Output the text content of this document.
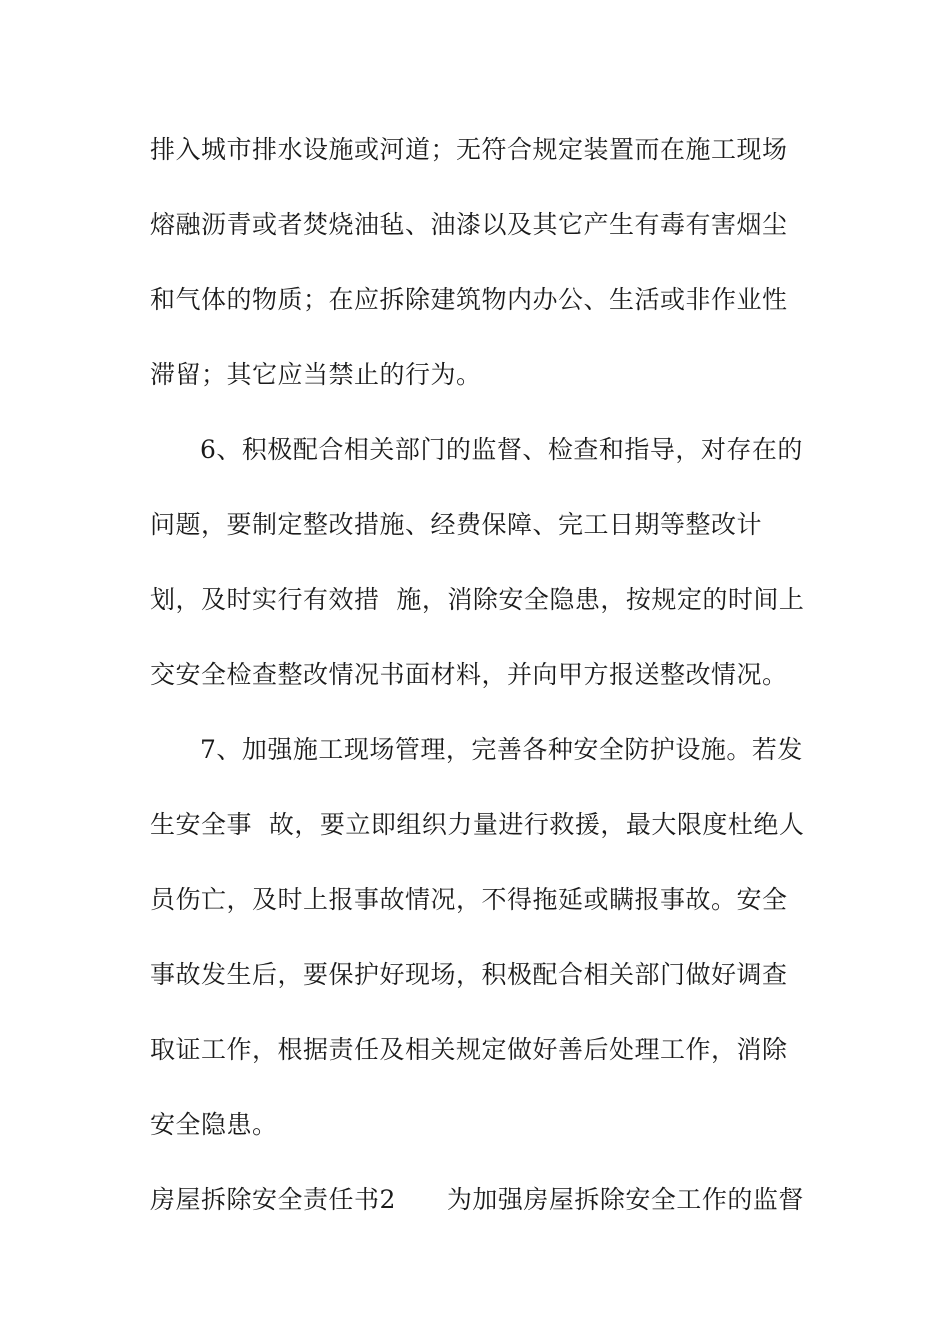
排入城市排水设施或河道；无符合规定装置而在施工现场

熔融沥青或者焚烧油毡、油漆以及其它产生有毒有害烟尘

和气体的物质；在应拆除建筑物内办公、生活或非作业性

滞留；其它应当禁止的行为。

6、积极配合相关部门的监督、检查和指导，对存在的

问题，要制定整改措施、经费保障、完工日期等整改计

划，及时实行有效措  施，消除安全隐患，按规定的时间上

交安全检查整改情况书面材料，并向甲方报送整改情况。

7、加强施工现场管理，完善各种安全防护设施。若发

生安全事  故，要立即组织力量进行救援，最大限度杜绝人

员伤亡，及时上报事故情况，不得拖延或瞒报事故。安全

事故发生后，要保护好现场，积极配合相关部门做好调查

取证工作，根据责任及相关规定做好善后处理工作，消除

安全隐患。

房屋拆除安全责任书2　　为加强房屋拆除安全工作的监督
